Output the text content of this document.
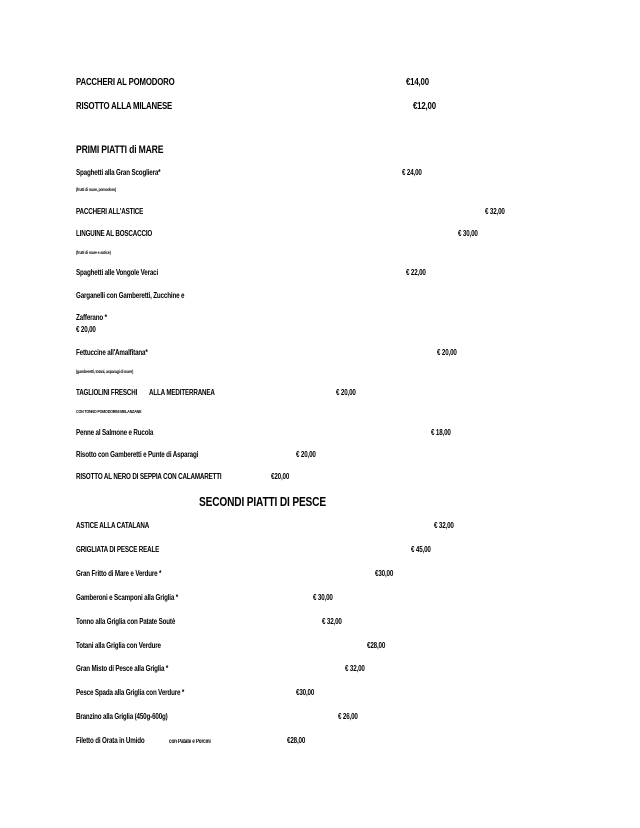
PACCHERI AL POMODORO	€14,00
RISOTTO ALLA MILANESE	€12,00
PRIMI PIATTI di MARE
Spaghetti alla Gran Scogliera*	€ 24,00
(frutti di mare, pomodoro)
PACCHERI ALL'ASTICE	€ 32,00
LINGUINE AL BOSCACCIO	€ 30,00
(frutti di mare e astice)
Spaghetti alle Vongole Veraci	€ 22,00
Garganelli con Gamberetti, Zucchine e
Zafferano *
€ 20,00
Fettuccine all'Amalfitana*	€ 20,00
(gamberetti, totani, asparagi di mare)
TAGLIOLINI FRESCHI ALLA MEDITERRANEA	€ 20,00
CON TONNO POMODORINI MELANZANE
Penne al Salmone e Rucola	€ 18,00
Risotto con Gamberetti e Punte di Asparagi	€ 20,00
RISOTTO AL NERO DI SEPPIA CON CALAMARETTI	€20,00
SECONDI PIATTI DI PESCE
ASTICE ALLA CATALANA	€ 32,00
GRIGLIATA DI PESCE REALE	€ 45,00
Gran Fritto di Mare e Verdure *	€30,00
Gamberoni e Scamponi alla Griglia *	€ 30,00
Tonno alla Griglia con Patate Soutè	€ 32,00
Totani alla Griglia con Verdure	€28,00
Gran Misto di Pesce alla Griglia *	€ 32,00
Pesce Spada alla Griglia con Verdure *	€30,00
Branzino alla Griglia (450g-600g)	€ 26,00
Filetto di Orata in Umido	con Patate e Porcini	€28,00
